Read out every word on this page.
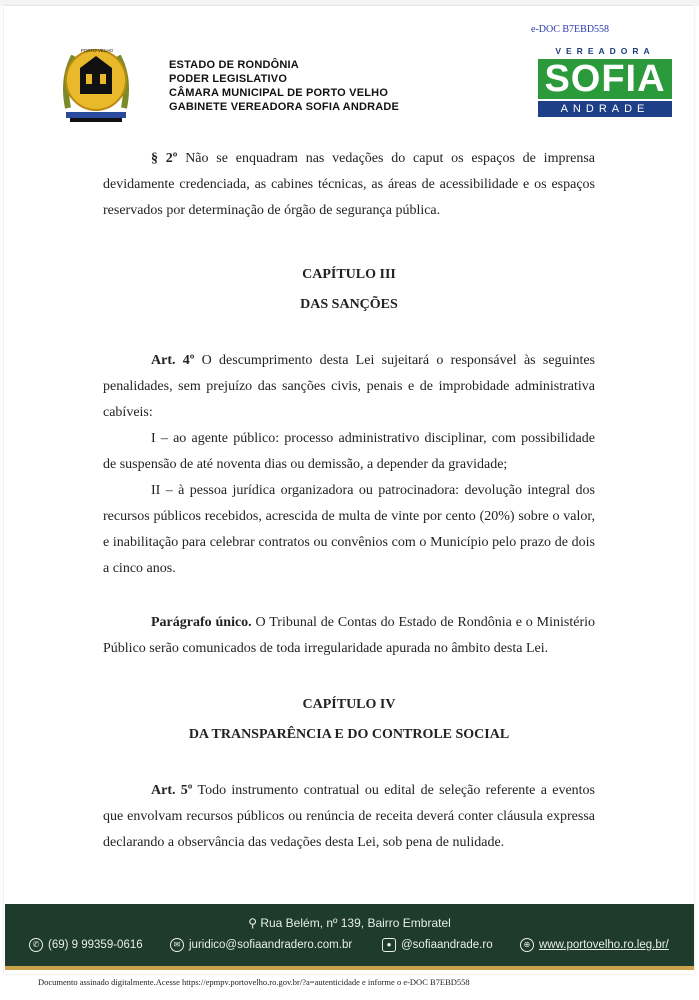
e-DOC B7EBD558
PORTO VELHO
ESTADO DE RONDÔNIA
PODER LEGISLATIVO
CÂMARA MUNICIPAL DE PORTO VELHO
GABINETE VEREADORA SOFIA ANDRADE
VEREADORA
SOFIA
ANDRADE

§ 2º Não se enquadram nas vedações do caput os espaços de imprensa devidamente credenciada, as cabines técnicas, as áreas de acessibilidade e os espaços reservados por determinação de órgão de segurança pública.

CAPÍTULO III

DAS SANÇÕES

Art. 4º O descumprimento desta Lei sujeitará o responsável às seguintes penalidades, sem prejuízo das sanções civis, penais e de improbidade administrativa cabíveis:

I – ao agente público: processo administrativo disciplinar, com possibilidade de suspensão de até noventa dias ou demissão, a depender da gravidade;

II – à pessoa jurídica organizadora ou patrocinadora: devolução integral dos recursos públicos recebidos, acrescida de multa de vinte por cento (20%) sobre o valor, e inabilitação para celebrar contratos ou convênios com o Município pelo prazo de dois a cinco anos.

Parágrafo único. O Tribunal de Contas do Estado de Rondônia e o Ministério Público serão comunicados de toda irregularidade apurada no âmbito desta Lei.

CAPÍTULO IV

DA TRANSPARÊNCIA E DO CONTROLE SOCIAL

Art. 5º Todo instrumento contratual ou edital de seleção referente a eventos que envolvam recursos públicos ou renúncia de receita deverá conter cláusula expressa declarando a observância das vedações desta Lei, sob pena de nulidade.

⚲ Rua Belém, nº 139, Bairro Embratel
✆ (69) 9 99359-0616	✉ juridico@sofiaandradero.com.br	● @sofiaandrade.ro	⊕ www.portovelho.ro.leg.br/
Documento assinado digitalmente.Acesse https://epmpv.portovelho.ro.gov.br/?a=autenticidade e informe o e-DOC B7EBD558
